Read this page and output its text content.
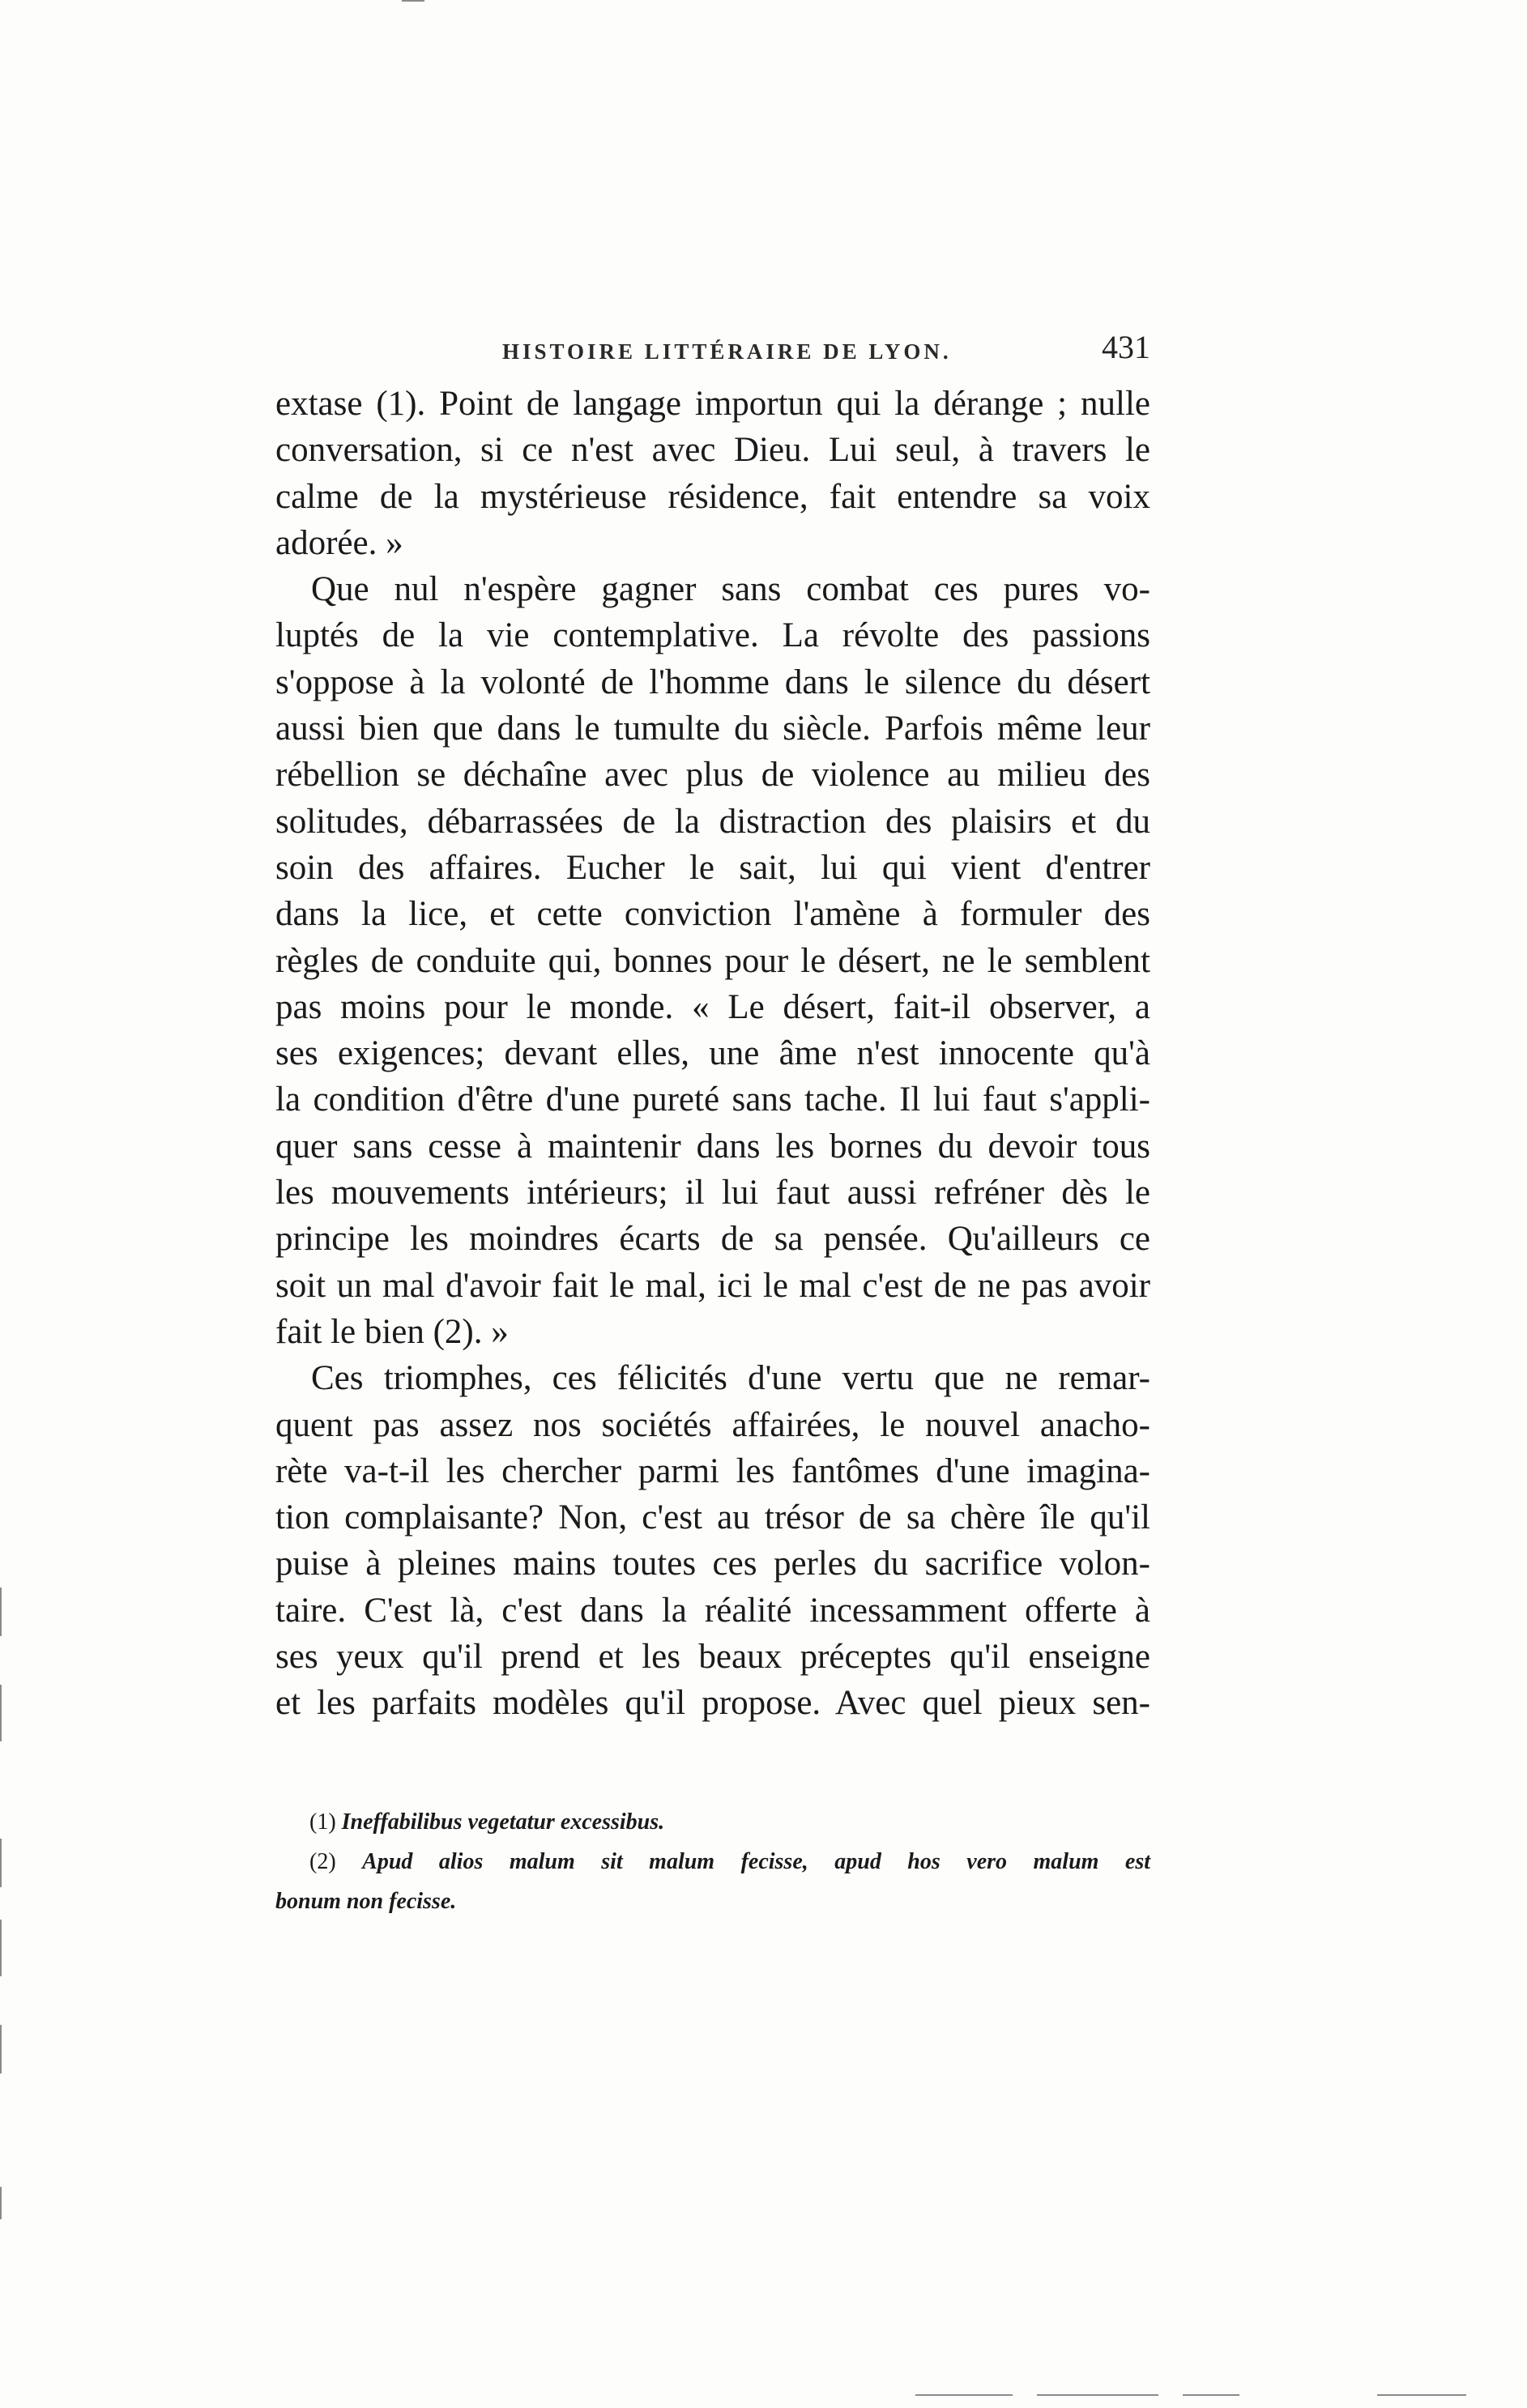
HISTOIRE LITTÉRAIRE DE LYON.	431
extase (1). Point de langage importun qui la dérange ; nulle
conversation, si ce n'est avec Dieu. Lui seul, à travers le
calme de la mystérieuse résidence, fait entendre sa voix
adorée. »
Que nul n'espère gagner sans combat ces pures vo-
luptés de la vie contemplative. La révolte des passions
s'oppose à la volonté de l'homme dans le silence du désert
aussi bien que dans le tumulte du siècle. Parfois même leur
rébellion se déchaîne avec plus de violence au milieu des
solitudes, débarrassées de la distraction des plaisirs et du
soin des affaires. Eucher le sait, lui qui vient d'entrer
dans la lice, et cette conviction l'amène à formuler des
règles de conduite qui, bonnes pour le désert, ne le semblent
pas moins pour le monde. « Le désert, fait-il observer, a
ses exigences; devant elles, une âme n'est innocente qu'à
la condition d'être d'une pureté sans tache. Il lui faut s'appli-
quer sans cesse à maintenir dans les bornes du devoir tous
les mouvements intérieurs; il lui faut aussi refréner dès le
principe les moindres écarts de sa pensée. Qu'ailleurs ce
soit un mal d'avoir fait le mal, ici le mal c'est de ne pas avoir
fait le bien (2). »
Ces triomphes, ces félicités d'une vertu que ne remar-
quent pas assez nos sociétés affairées, le nouvel anacho-
rète va-t-il les chercher parmi les fantômes d'une imagina-
tion complaisante? Non, c'est au trésor de sa chère île qu'il
puise à pleines mains toutes ces perles du sacrifice volon-
taire. C'est là, c'est dans la réalité incessamment offerte à
ses yeux qu'il prend et les beaux préceptes qu'il enseigne
et les parfaits modèles qu'il propose. Avec quel pieux sen-
(1) Ineffabilibus vegetatur excessibus.
(2) Apud alios malum sit malum fecisse, apud hos vero malum est
bonum non fecisse.
